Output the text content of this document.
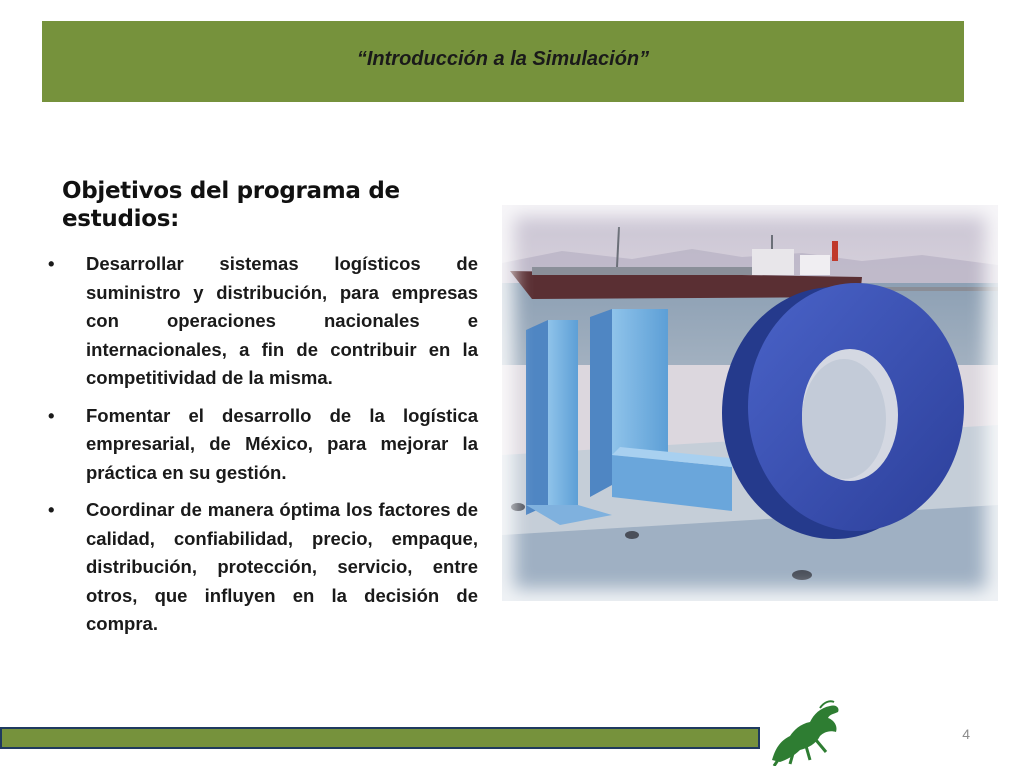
“Introducción a la Simulación”
Objetivos del programa de estudios:
• Desarrollar sistemas logísticos de suministro y distribución, para empresas con operaciones nacionales e internacionales, a fin de contribuir en la competitividad de la misma.
• Fomentar el desarrollo de la logística empresarial, de México, para mejorar la práctica en su gestión.
• Coordinar de manera óptima los factores de calidad, confiabilidad, precio, empaque, distribución, protección, servicio, entre otros, que influyen en la decisión de compra.
4
